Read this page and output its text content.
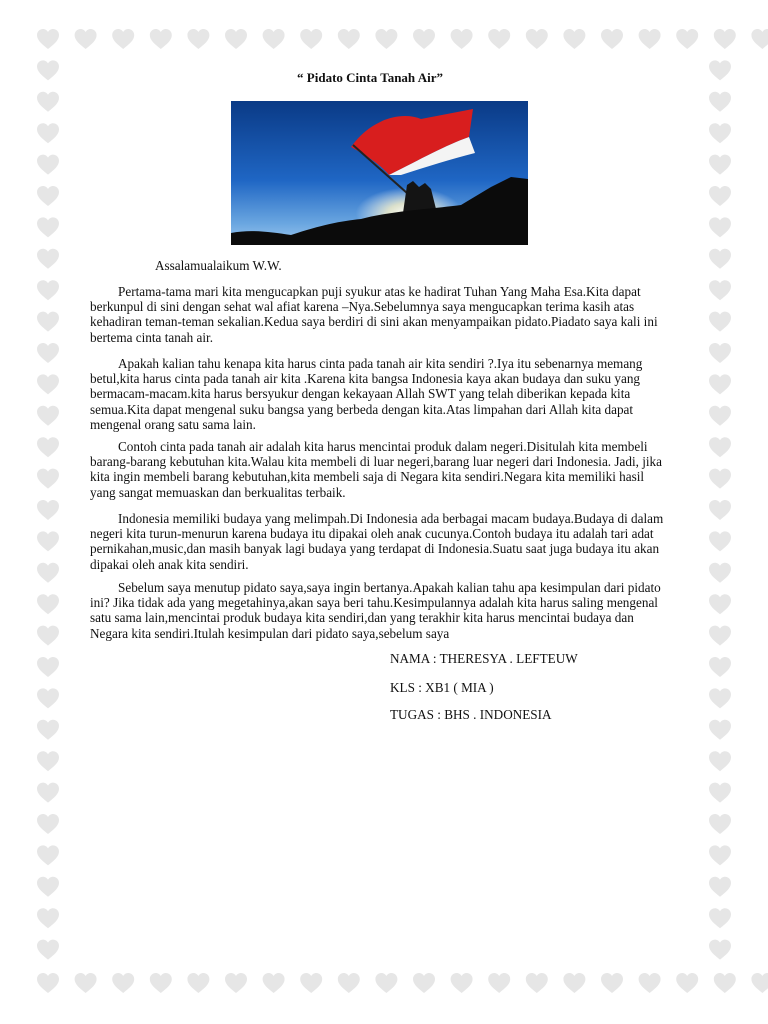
“ Pidato Cinta Tanah Air”
Assalamualaikum W.W.

Pertama-tama mari kita mengucapkan puji syukur atas ke hadirat Tuhan Yang Maha Esa.Kita dapat berkunpul di sini dengan sehat wal afiat karena –Nya.Sebelumnya saya mengucapkan terima kasih atas kehadiran teman-teman sekalian.Kedua saya berdiri di sini akan menyampaikan pidato.Piadato saya kali ini bertema cinta tanah air.

Apakah kalian tahu kenapa kita harus cinta pada tanah air kita sendiri ?.Iya itu sebenarnya memang betul,kita harus cinta pada tanah air kita .Karena kita bangsa Indonesia kaya akan budaya dan suku yang bermacam-macam.kita harus bersyukur dengan kekayaan Allah SWT yang telah diberikan kepada kita semua.Kita dapat mengenal suku bangsa yang berbeda dengan kita.Atas limpahan dari Allah kita dapat mengenal orang satu sama lain.

Contoh cinta pada tanah air adalah kita harus mencintai produk dalam negeri.Disitulah kita membeli barang-barang kebutuhan kita.Walau kita membeli di luar negeri,barang luar negeri dari Indonesia. Jadi, jika kita ingin membeli barang kebutuhan,kita membeli saja di Negara kita sendiri.Negara kita memiliki hasil yang sangat memuaskan dan berkualitas terbaik.

Indonesia memiliki budaya yang melimpah.Di Indonesia ada berbagai macam budaya.Budaya di dalam negeri kita turun-menurun karena budaya itu dipakai oleh anak cucunya.Contoh budaya itu adalah tari adat pernikahan,music,dan masih banyak lagi budaya yang terdapat di Indonesia.Suatu saat juga budaya itu akan dipakai oleh anak kita sendiri.

Sebelum saya menutup pidato saya,saya ingin bertanya.Apakah kalian tahu apa kesimpulan dari pidato ini? Jika tidak ada yang megetahinya,akan saya beri tahu.Kesimpulannya adalah kita harus saling mengenal satu sama lain,mencintai produk budaya kita sendiri,dan yang terakhir kita harus mencintai budaya dan Negara kita sendiri.Itulah kesimpulan dari pidato saya,sebelum saya

NAMA : THERESYA . LEFTEUW
KLS : XB1 ( MIA )
TUGAS : BHS . INDONESIA
